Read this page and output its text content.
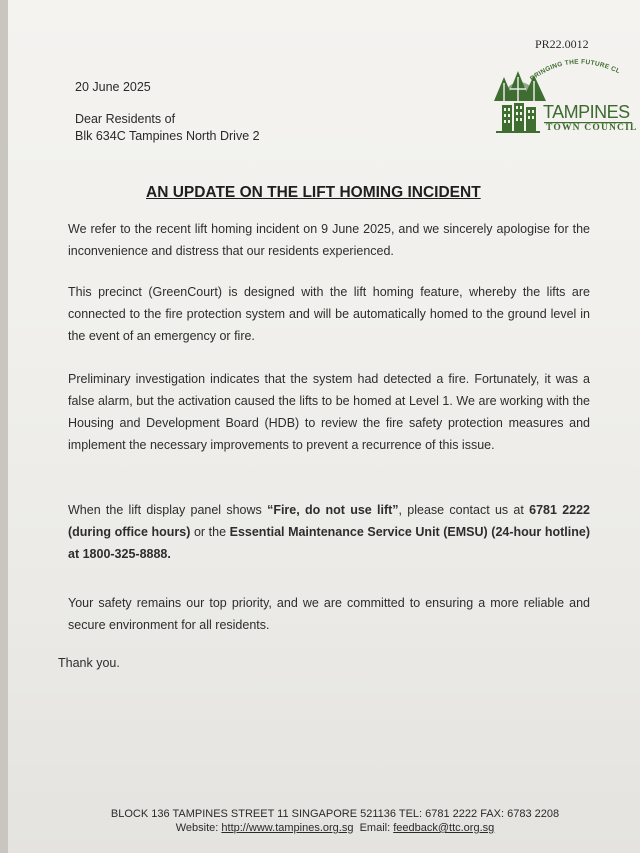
PR22.0012
BRINGING THE FUTURE CL
TAMPINES
TOWN COUNCIL
20 June 2025
Dear Residents of
Blk 634C Tampines North Drive 2
AN UPDATE ON THE LIFT HOMING INCIDENT
We refer to the recent lift homing incident on 9 June 2025, and we sincerely apologise for the inconvenience and distress that our residents experienced.
This precinct (GreenCourt) is designed with the lift homing feature, whereby the lifts are connected to the fire protection system and will be automatically homed to the ground level in the event of an emergency or fire.
Preliminary investigation indicates that the system had detected a fire. Fortunately, it was a false alarm, but the activation caused the lifts to be homed at Level 1. We are working with the Housing and Development Board (HDB) to review the fire safety protection measures and implement the necessary improvements to prevent a recurrence of this issue.
When the lift display panel shows “Fire, do not use lift”, please contact us at 6781 2222 (during office hours) or the Essential Maintenance Service Unit (EMSU) (24-hour hotline) at 1800-325-8888.
Your safety remains our top priority, and we are committed to ensuring a more reliable and secure environment for all residents.
Thank you.
BLOCK 136 TAMPINES STREET 11 SINGAPORE 521136 TEL: 6781 2222 FAX: 6783 2208
Website: http://www.tampines.org.sg Email: feedback@ttc.org.sg
